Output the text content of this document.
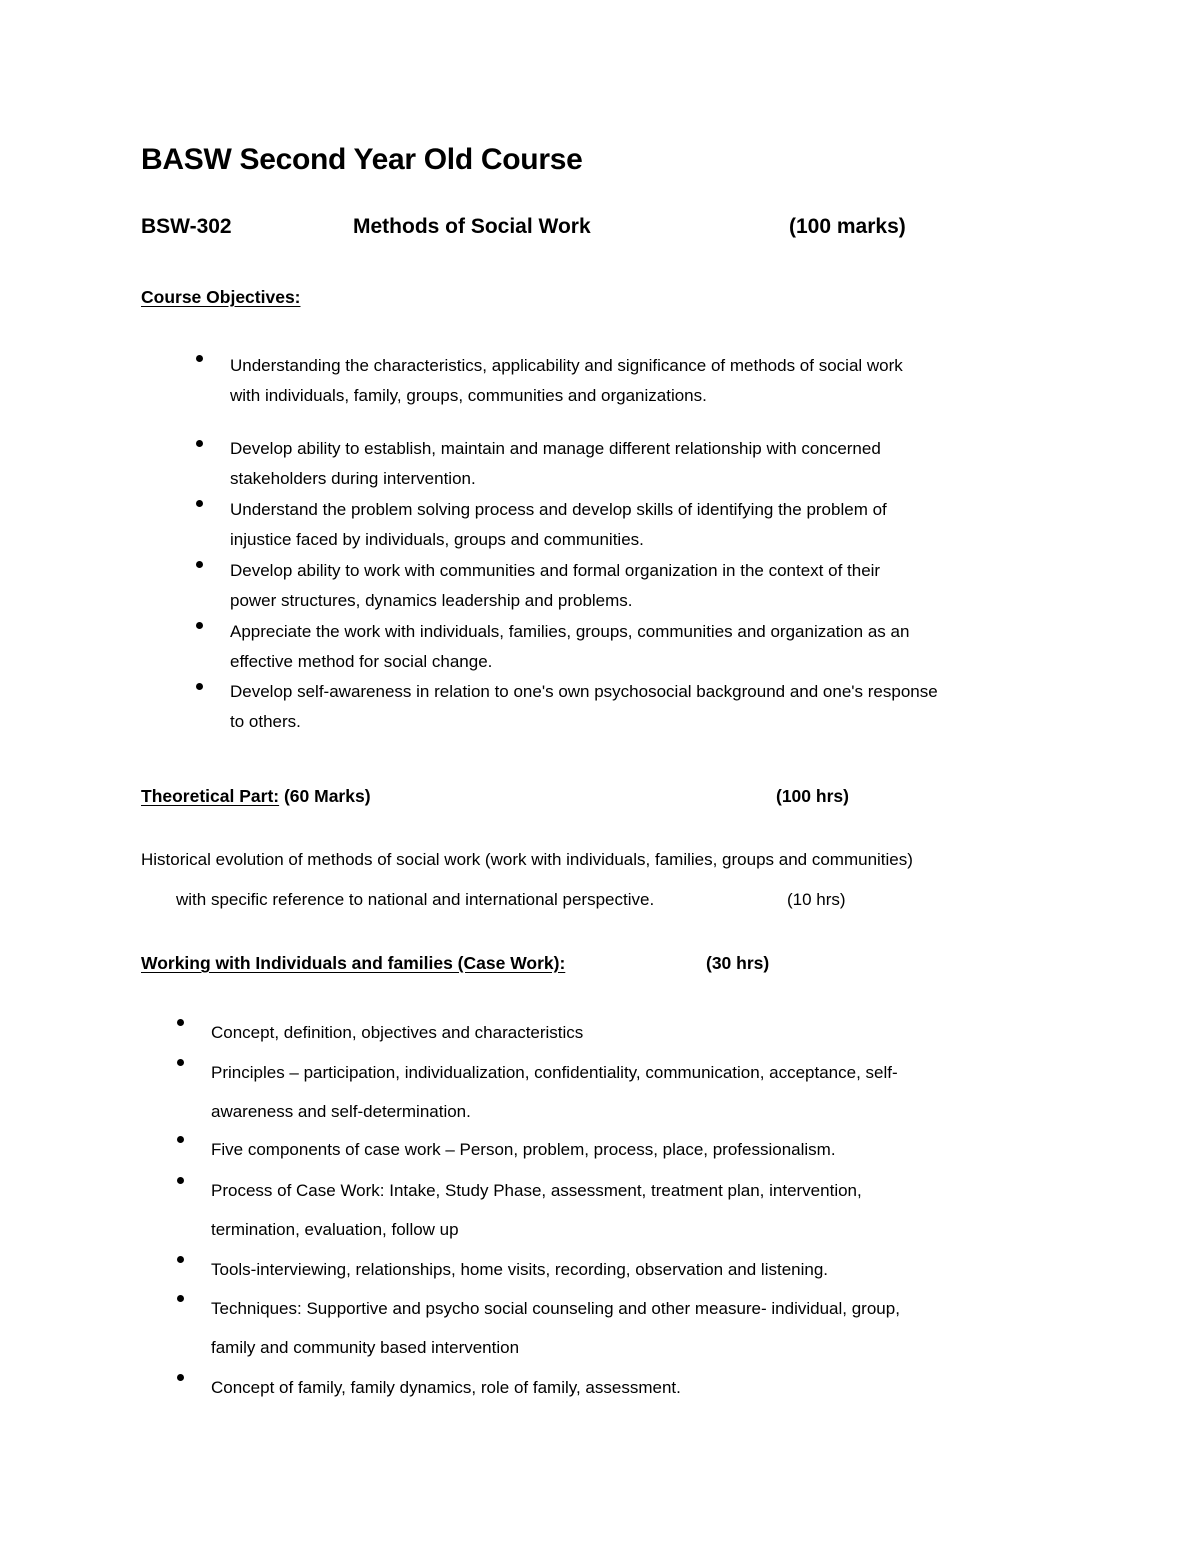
BASW Second Year Old Course
BSW-302	Methods of Social Work	(100 marks)
Course Objectives:
Understanding the characteristics, applicability and significance of methods of social work
with individuals, family, groups, communities and organizations.
Develop ability to establish, maintain and manage different relationship with concerned
stakeholders during intervention.
Understand the problem solving process and develop skills of identifying the problem of
injustice faced by individuals, groups and communities.
Develop ability to work with communities and formal organization in the context of their
power structures, dynamics leadership and problems.
Appreciate the work with individuals, families, groups, communities and organization as an
effective method for social change.
Develop self-awareness in relation to one's own psychosocial background and one's response
to others.
Theoretical Part: (60 Marks)	(100 hrs)
Historical evolution of methods of social work (work with individuals, families, groups and communities)
with specific reference to national and international perspective.	(10 hrs)
Working with Individuals and families (Case Work):	(30 hrs)
Concept, definition, objectives and characteristics
Principles – participation, individualization, confidentiality, communication, acceptance, self-
awareness and self-determination.
Five components of case work – Person, problem, process, place, professionalism.
Process of Case Work: Intake, Study Phase, assessment, treatment plan, intervention,
termination, evaluation, follow up
Tools-interviewing, relationships, home visits, recording, observation and listening.
Techniques: Supportive and psycho social counseling and other measure- individual, group,
family and community based intervention
Concept of family, family dynamics, role of family, assessment.
